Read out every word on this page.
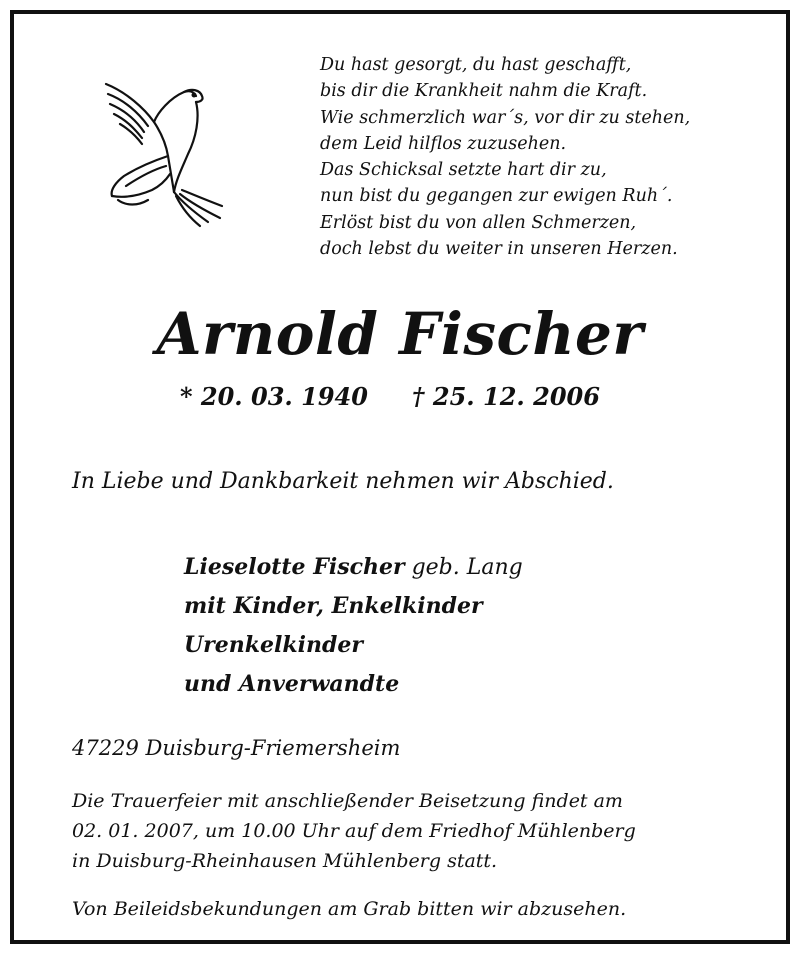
Du hast gesorgt, du hast geschafft,
bis dir die Krankheit nahm die Kraft.
Wie schmerzlich war´s, vor dir zu stehen,
dem Leid hilflos zuzusehen.
Das Schicksal setzte hart dir zu,
nun bist du gegangen zur ewigen Ruh´.
Erlöst bist du von allen Schmerzen,
doch lebst du weiter in unseren Herzen.
Arnold Fischer
* 20. 03. 1940 † 25. 12. 2006
In Liebe und Dankbarkeit nehmen wir Abschied.
Lieselotte Fischer geb. Lang
mit Kinder, Enkelkinder
Urenkelkinder
und Anverwandte
47229 Duisburg-Friemersheim
Die Trauerfeier mit anschließender Beisetzung findet am
02. 01. 2007, um 10.00 Uhr auf dem Friedhof Mühlenberg
in Duisburg-Rheinhausen Mühlenberg statt.
Von Beileidsbekundungen am Grab bitten wir abzusehen.
